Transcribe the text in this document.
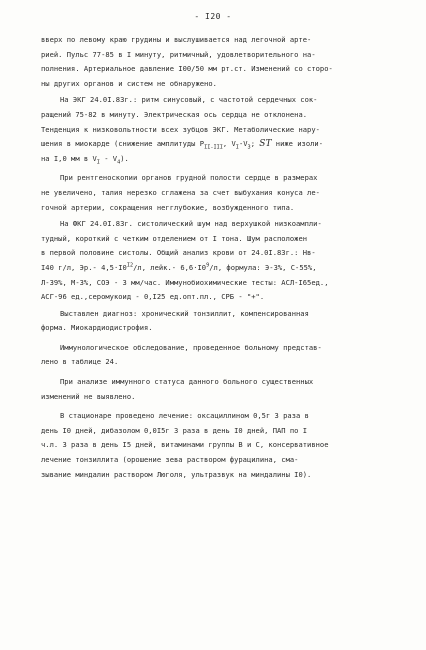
- I20 -
вверх по левому краю грудины и выслушивается над легочной арте-
рией. Пульс 77-85 в I минуту, ритмичный, удовлетворительного на-
полнения. Артериальное давление I00/50 мм рт.ст. Изменений со сторо-
ны других органов и систем не обнаружено.
На ЭКГ 24.0I.83г.: ритм синусовый, с частотой сердечных сок-
ращений 75-82 в минуту. Электрическая ось сердца не отклонена.
Тенденция к низковольтности всех зубцов ЭКГ. Метаболические нару-
шения в миокарде (снижение амплитуды $P_{II-III}$, $V_I-V_3$; ST ниже изоли-
на I,0 мм в $V_I - V_4$).
При рентгеноскопии органов грудной полости сердце в размерах
не увеличено, талия нерезко сглажена за счет выбухания конуса ле-
гочной артерии, сокращения негглубокие, возбужденного типа.
На ФКГ 24.0I.83г. систолический шум над верхушкой низкоампли-
тудный, короткий с четким отделением от I тона. Шум расположен
в первой половине систолы. Общий анализ крови от 24.0I.83г.: Нв-
I40 г/л, Эр.- $4,5\cdot I0^{I2}/л$, лейк.- $6,6\cdot I0^9/л$, формула: Э-3%, С-55%,
Л-39%, М-3%, СОЭ - 3 мм/час. Иммунобиохимические тесты: АСЛ-I65ед.,
АСГ-96 ед.,серомукоид - 0,I25 ед.опт.пл., СРБ - "+".
Выставлен диагноз: хронический тонзиллит, компенсированная
форма. Миокардиодистрофия.
Иммунологическое обследование, проведенное больному представ-
лено в таблице 24.
При анализе иммунного статуса данного больного существенных
изменений не выявлено.
В стационаре проведено лечение: оксациллином 0,5г 3 раза в
день I0 дней, дибазолом 0,0I5г 3 раза в день I0 дней, ПАП по I
ч.л. 3 раза в день I5 дней, витаминами группы В и С, консервативное
лечение тонзиллита (орошение зева раствором фурацилина, сма-
зывание миндалин раствором Люголя, ультразвук на миндалины I0).
